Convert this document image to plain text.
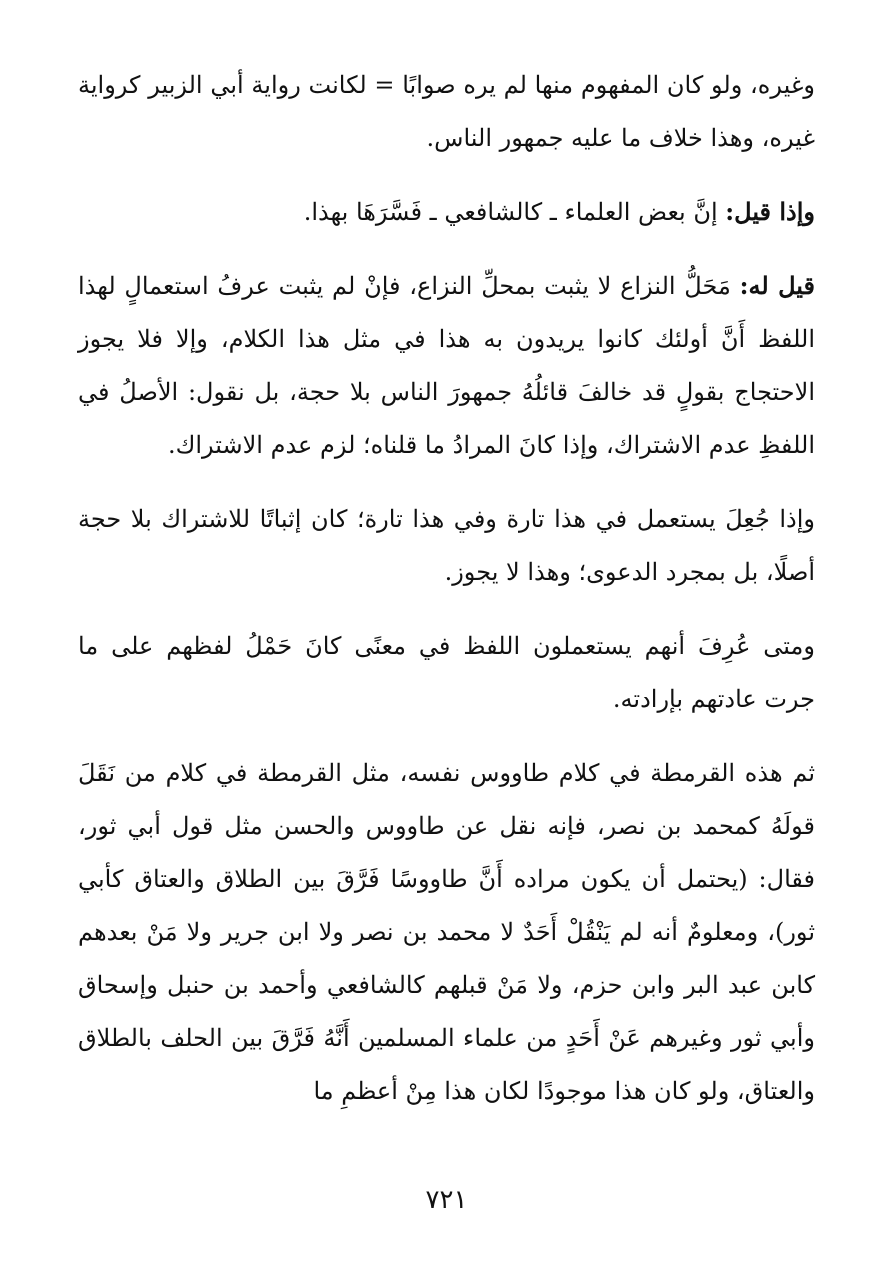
وغيره، ولو كان المفهوم منها لم يره صوابًا = لكانت رواية أبي الزبير كرواية غيره، وهذا خلاف ما عليه جمهور الناس.

وإذا قيل: إنَّ بعض العلماء ـ كالشافعي ـ فَسَّرَهَا بهذا.

قيل له: مَحَلُّ النزاع لا يثبت بمحلِّ النزاع، فإنْ لم يثبت عرفُ استعمالٍ لهذا اللفظ أَنَّ أولئك كانوا يريدون به هذا في مثل هذا الكلام، وإلا فلا يجوز الاحتجاج بقولٍ قد خالفَ قائلُهُ جمهورَ الناس بلا حجة، بل نقول: الأصلُ في اللفظِ عدم الاشتراك، وإذا كانَ المرادُ ما قلناه؛ لزم عدم الاشتراك.

وإذا جُعِلَ يستعمل في هذا تارة وفي هذا تارة؛ كان إثباتًا للاشتراك بلا حجة أصلًا، بل بمجرد الدعوى؛ وهذا لا يجوز.

ومتى عُرِفَ أنهم يستعملون اللفظ في معنًى كانَ حَمْلُ لفظهم على ما جرت عادتهم بإرادته.

ثم هذه القرمطة في كلام طاووس نفسه، مثل القرمطة في كلام من نَقَلَ قولَهُ كمحمد بن نصر، فإنه نقل عن طاووس والحسن مثل قول أبي ثور، فقال: (يحتمل أن يكون مراده أَنَّ طاووسًا فَرَّقَ بين الطلاق والعتاق كأبي ثور)، ومعلومٌ أنه لم يَنْقُلْ أَحَدٌ لا محمد بن نصر ولا ابن جرير ولا مَنْ بعدهم كابن عبد البر وابن حزم، ولا مَنْ قبلهم كالشافعي وأحمد بن حنبل وإسحاق وأبي ثور وغيرهم عَنْ أَحَدٍ من علماء المسلمين أَنَّهُ فَرَّقَ بين الحلف بالطلاق والعتاق، ولو كان هذا موجودًا لكان هذا مِنْ أعظمِ ما

٧٢١
